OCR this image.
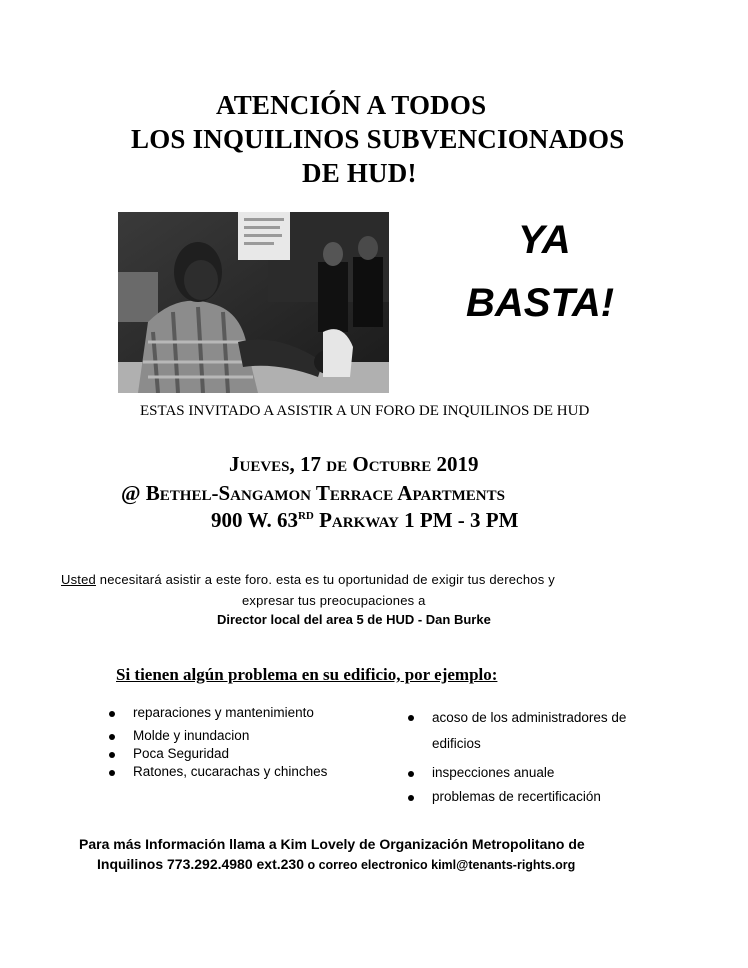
ATENCIÓN A TODOS
LOS INQUILINOS SUBVENCIONADOS
DE HUD!
YA
BASTA!
ESTAS INVITADO A ASISTIR A UN FORO DE INQUILINOS DE HUD
Jueves, 17 de Octubre 2019
@ Bethel-Sangamon Terrace Apartments
900 W. 63RD Parkway 1 PM - 3 PM
Usted necesitará asistir a este foro. esta es tu oportunidad de exigir tus derechos y
expresar tus preocupaciones a
Director local del area 5 de HUD - Dan Burke
Si tienen algún problema en su edificio, por ejemplo:
reparaciones y mantenimiento
Molde y inundacion
Poca Seguridad
Ratones, cucarachas y chinches
acoso de los administradores de edificios
inspecciones anuale
problemas de recertificación
Para más Información llama a Kim Lovely de Organización Metropolitano de
Inquilinos 773.292.4980 ext.230 o correo electronico kiml@tenants-rights.org
